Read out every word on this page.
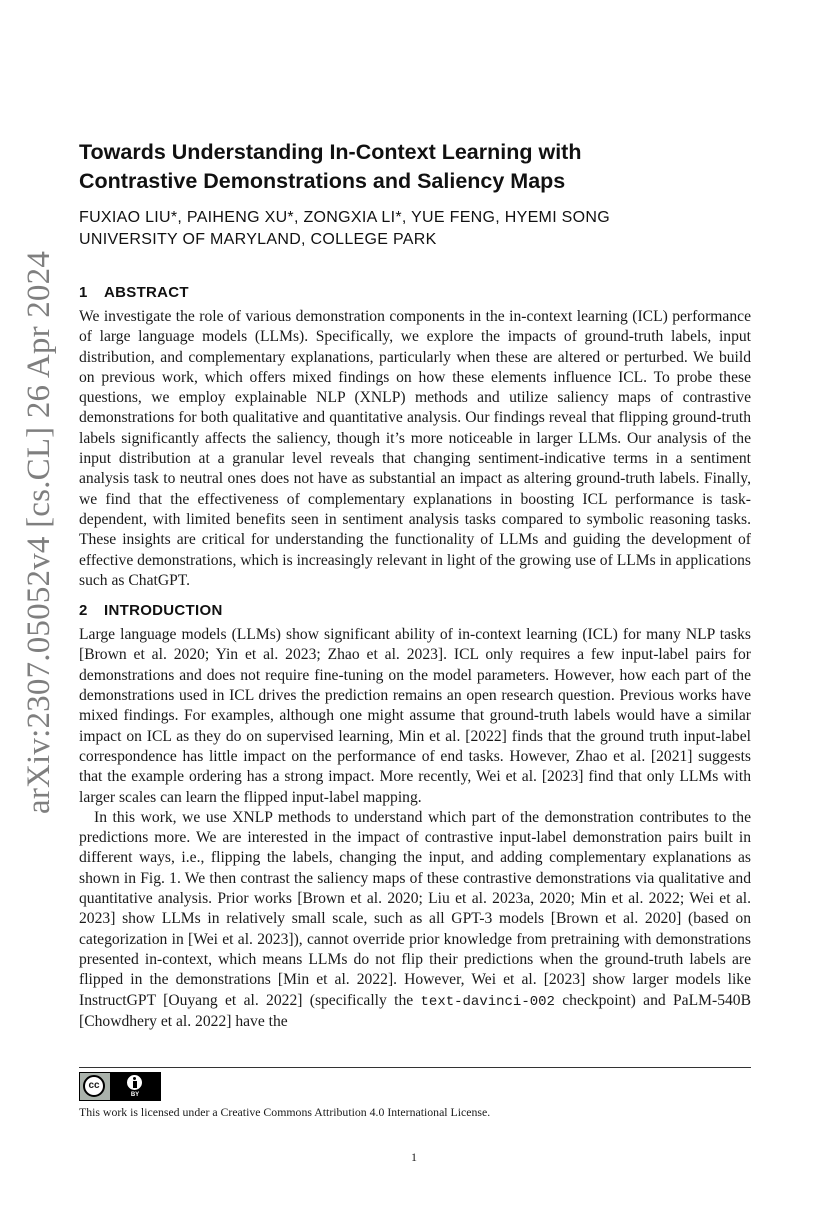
arXiv:2307.05052v4 [cs.CL] 26 Apr 2024
Towards Understanding In-Context Learning with
Contrastive Demonstrations and Saliency Maps
FUXIAO LIU*, PAIHENG XU*, ZONGXIA LI*, YUE FENG, HYEMI SONG
UNIVERSITY OF MARYLAND, COLLEGE PARK
1 ABSTRACT

We investigate the role of various demonstration components in the in-context learning (ICL) performance of large language models (LLMs). Specifically, we explore the impacts of ground-truth labels, input distribution, and complementary explanations, particularly when these are altered or perturbed. We build on previous work, which offers mixed findings on how these elements influence ICL. To probe these questions, we employ explainable NLP (XNLP) methods and utilize saliency maps of contrastive demonstrations for both qualitative and quantitative analysis. Our findings reveal that flipping ground-truth labels significantly affects the saliency, though it’s more noticeable in larger LLMs. Our analysis of the input distribution at a granular level reveals that changing sentiment-indicative terms in a sentiment analysis task to neutral ones does not have as substantial an impact as altering ground-truth labels. Finally, we find that the effectiveness of complementary explanations in boosting ICL performance is task-dependent, with limited benefits seen in sentiment analysis tasks compared to symbolic reasoning tasks. These insights are critical for understanding the functionality of LLMs and guiding the development of effective demonstrations, which is increasingly relevant in light of the growing use of LLMs in applications such as ChatGPT.

2 INTRODUCTION

Large language models (LLMs) show significant ability of in-context learning (ICL) for many NLP tasks [Brown et al. 2020; Yin et al. 2023; Zhao et al. 2023]. ICL only requires a few input-label pairs for demonstrations and does not require fine-tuning on the model parameters. However, how each part of the demonstrations used in ICL drives the prediction remains an open research question. Previous works have mixed findings. For examples, although one might assume that ground-truth labels would have a similar impact on ICL as they do on supervised learning, Min et al. [2022] finds that the ground truth input-label correspondence has little impact on the performance of end tasks. However, Zhao et al. [2021] suggests that the example ordering has a strong impact. More recently, Wei et al. [2023] find that only LLMs with larger scales can learn the flipped input-label mapping.

In this work, we use XNLP methods to understand which part of the demonstration contributes to the predictions more. We are interested in the impact of contrastive input-label demonstration pairs built in different ways, i.e., flipping the labels, changing the input, and adding complementary explanations as shown in Fig. 1. We then contrast the saliency maps of these contrastive demonstrations via qualitative and quantitative analysis. Prior works [Brown et al. 2020; Liu et al. 2023a, 2020; Min et al. 2022; Wei et al. 2023] show LLMs in relatively small scale, such as all GPT-3 models [Brown et al. 2020] (based on categorization in [Wei et al. 2023]), cannot override prior knowledge from pretraining with demonstrations presented in-context, which means LLMs do not flip their predictions when the ground-truth labels are flipped in the demonstrations [Min et al. 2022]. However, Wei et al. [2023] show larger models like InstructGPT [Ouyang et al. 2022] (specifically the text-davinci-002 checkpoint) and PaLM-540B [Chowdhery et al. 2022] have the

cc
BY
This work is licensed under a Creative Commons Attribution 4.0 International License.
1
